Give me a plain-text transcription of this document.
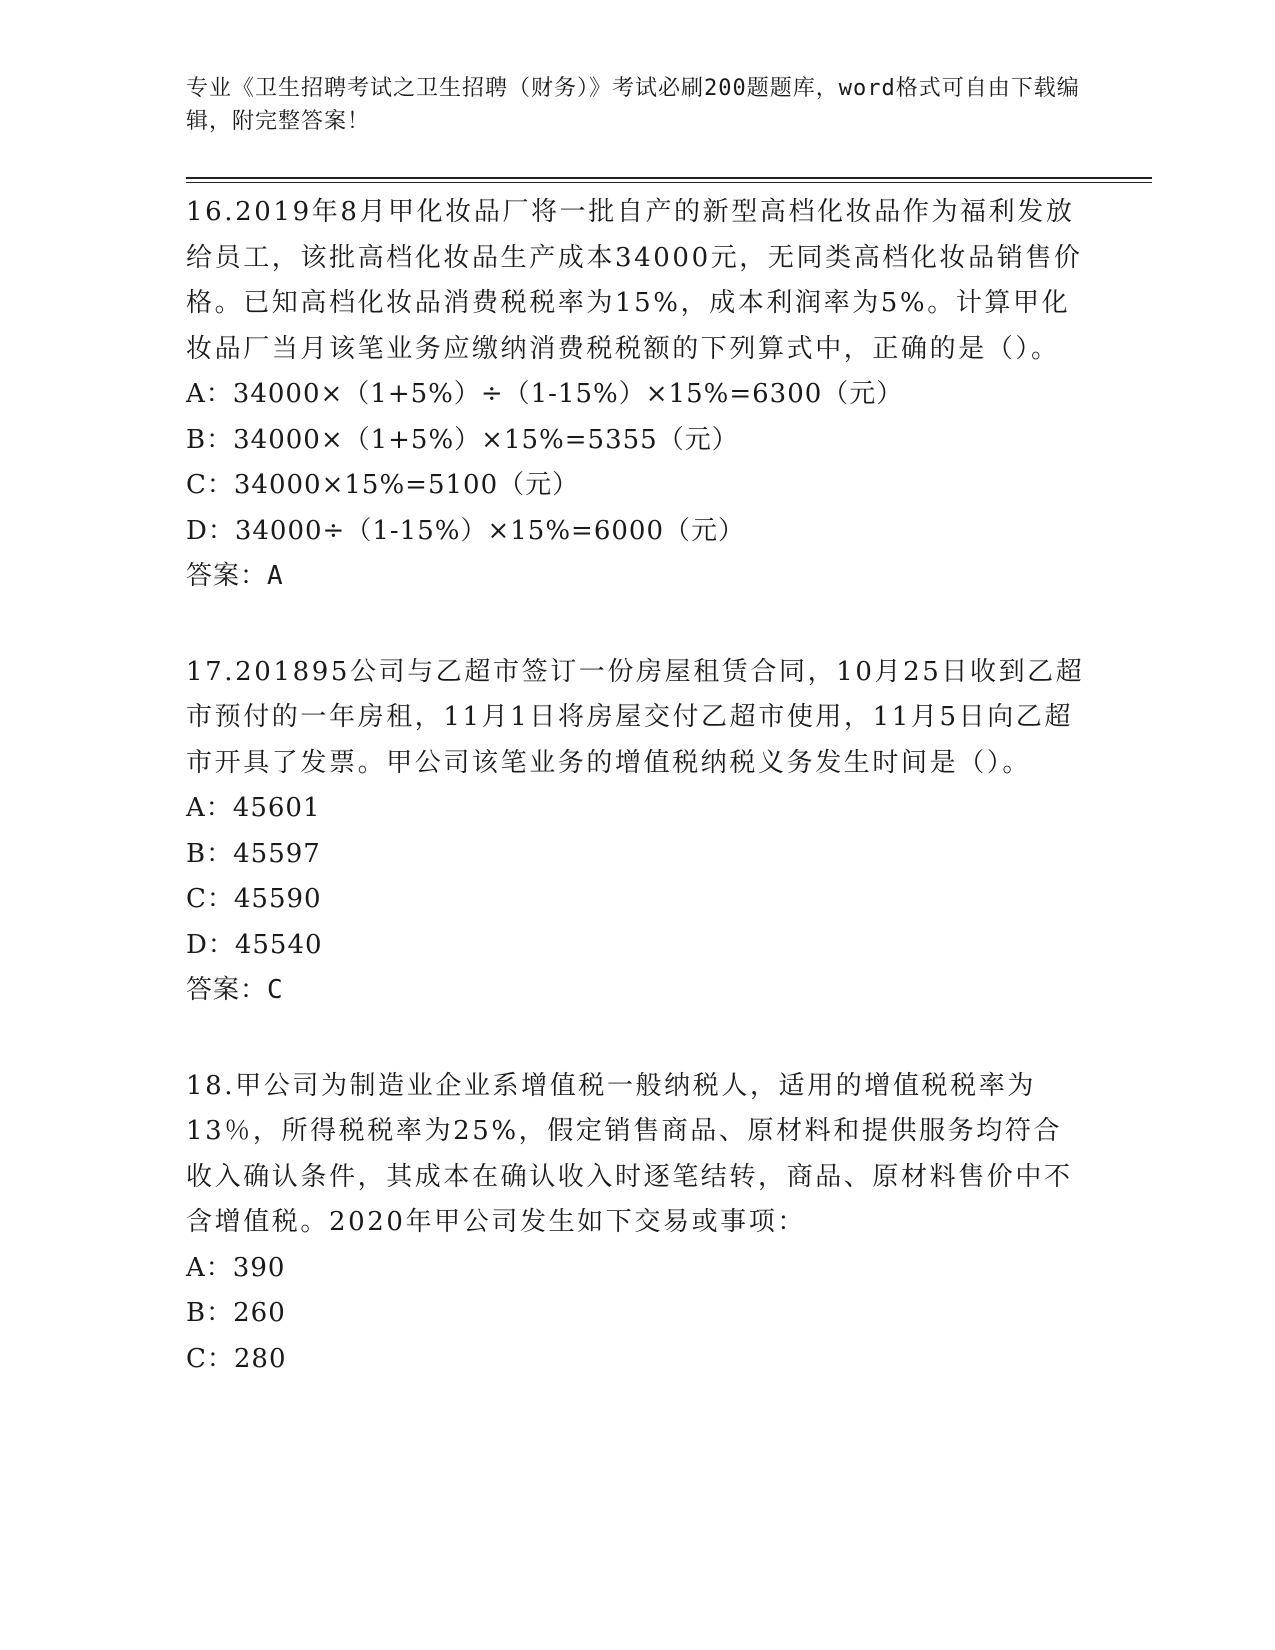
专业《卫生招聘考试之卫生招聘（财务）》考试必刷200题题库，word格式可自由下载编辑，附完整答案！

16.2019年8月甲化妆品厂将一批自产的新型高档化妆品作为福利发放给员工，该批高档化妆品生产成本34000元，无同类高档化妆品销售价格。已知高档化妆品消费税税率为15%，成本利润率为5%。计算甲化妆品厂当月该笔业务应缴纳消费税税额的下列算式中，正确的是（）。

A：34000×（1+5%）÷（1-15%）×15%=6300（元）
B：34000×（1+5%）×15%=5355（元）
C：34000×15%=5100（元）
D：34000÷（1-15%）×15%=6000（元）

答案：A

17.201895公司与乙超市签订一份房屋租赁合同，10月25日收到乙超市预付的一年房租，11月1日将房屋交付乙超市使用，11月5日向乙超市开具了发票。甲公司该笔业务的增值税纳税义务发生时间是（）。

A：45601
B：45597
C：45590
D：45540

答案：C

18.甲公司为制造业企业系增值税一般纳税人，适用的增值税税率为13％，所得税税率为25%，假定销售商品、原材料和提供服务均符合收入确认条件，其成本在确认收入时逐笔结转，商品、原材料售价中不含增值税。2020年甲公司发生如下交易或事项：

A：390
B：260
C：280
